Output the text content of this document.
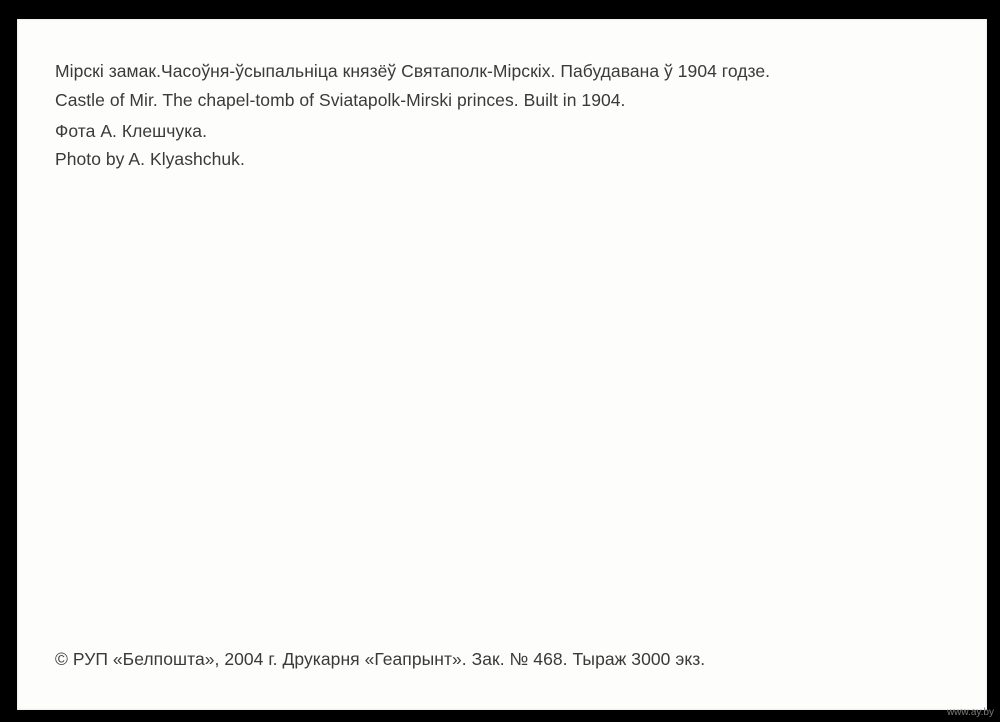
Мірскі замак.Часоўня-ўсыпальніца князёў Святаполк-Мірскіх. Пабудавана ў 1904 годзе.
Castle of Mir. The chapel-tomb of Sviatapolk-Mirski princes. Built in 1904.
Фота А. Клешчука.
Photo by A. Klyashchuk.
© РУП «Белпошта», 2004 г. Друкарня «Геапрынт». Зак. № 468. Тыраж 3000 экз.
www.ay.by
